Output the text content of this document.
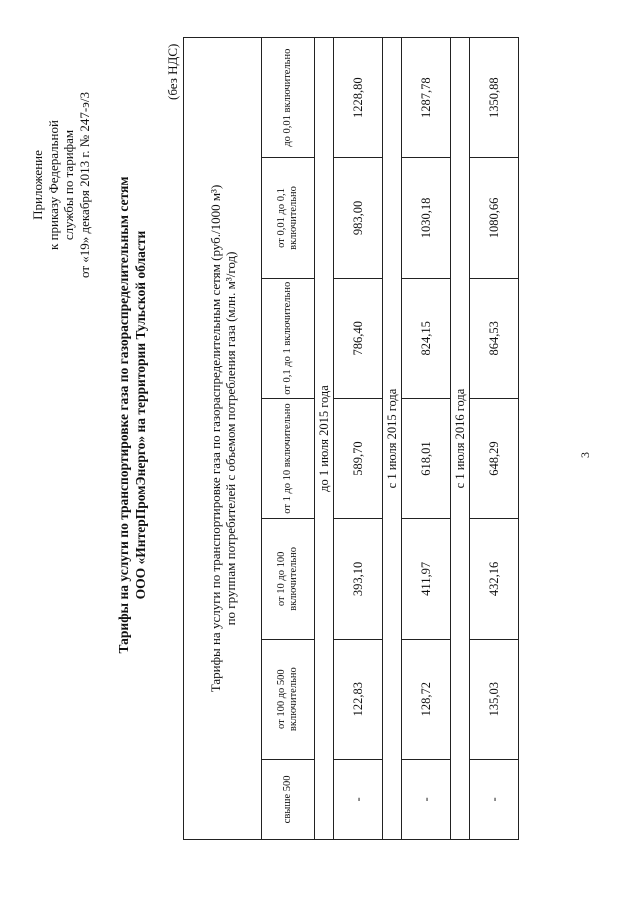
Приложение к приказу Федеральной службы по тарифам от «19» декабря 2013 г. № 247-э/3 Тарифы на услуги по транспортировке газа по газораспределительным сетям ООО «ИнтерПромЭнерго» на территории Тульской области
(без НДС)
Тарифы на услуги по транспортировке газа по газораспределительным сетям (руб./1000 м³) по группам потребителей с объемом потребления газа (млн. м³/год)						

свыше 500	от 100 до 500 включительно	от 10 до 100 включительно	от 1 до 10 включительно	от 0,1 до 1 включительно	от 0,01 до 0,1 включительно	до 0,01 включительно
до 1 июля 2015 года						
-	122,83	393,10	589,70	786,40	983,00	1228,80
с 1 июля 2015 года						
-	128,72	411,97	618,01	824,15	1030,18	1287,78
с 1 июля 2016 года						
-	135,03	432,16	648,29	864,53	1080,66	1350,88
3
